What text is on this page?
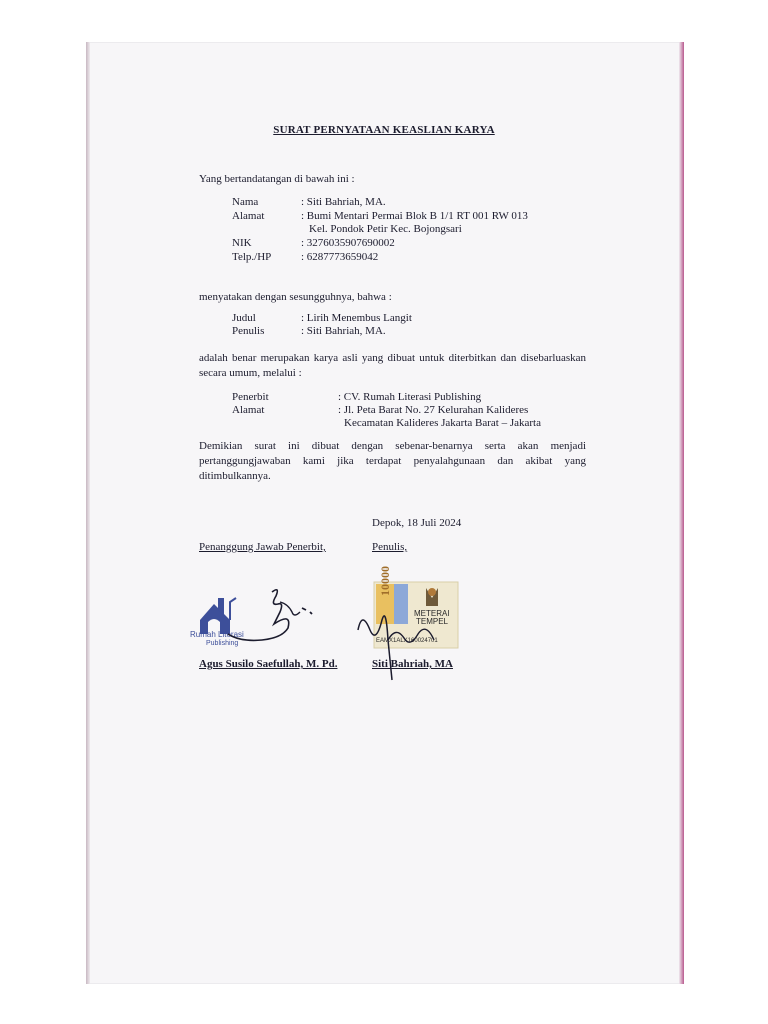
SURAT PERNYATAAN KEASLIAN KARYA
Yang bertandatangan di bawah ini :
Nama	: Siti Bahriah, MA.
Alamat	: Bumi Mentari Permai Blok B 1/1 RT 001 RW 013
Kel. Pondok Petir Kec. Bojongsari
NIK	: 3276035907690002
Telp./HP	: 6287773659042
menyatakan dengan sesungguhnya, bahwa :
Judul	: Lirih Menembus Langit
Penulis	: Siti Bahriah, MA.
adalah benar merupakan karya asli yang dibuat untuk diterbitkan dan disebarluaskan secara umum, melalui :
Penerbit	: CV. Rumah Literasi Publishing
Alamat	: Jl. Peta Barat No. 27 Kelurahan Kalideres
Kecamatan Kalideres Jakarta Barat – Jakarta
Demikian surat ini dibuat dengan sebenar-benarnya serta akan menjadi pertanggungjawaban kami jika terdapat penyalahgunaan dan akibat yang ditimbulkannya.
Depok, 18 Juli 2024
Penanggung Jawab Penerbit,	Penulis,
Rumah Literasi
Publishing
10000
METERAI
TEMPEL
EAMX1ALX160024701
Agus Susilo Saefullah, M. Pd.	Siti Bahriah, MA
